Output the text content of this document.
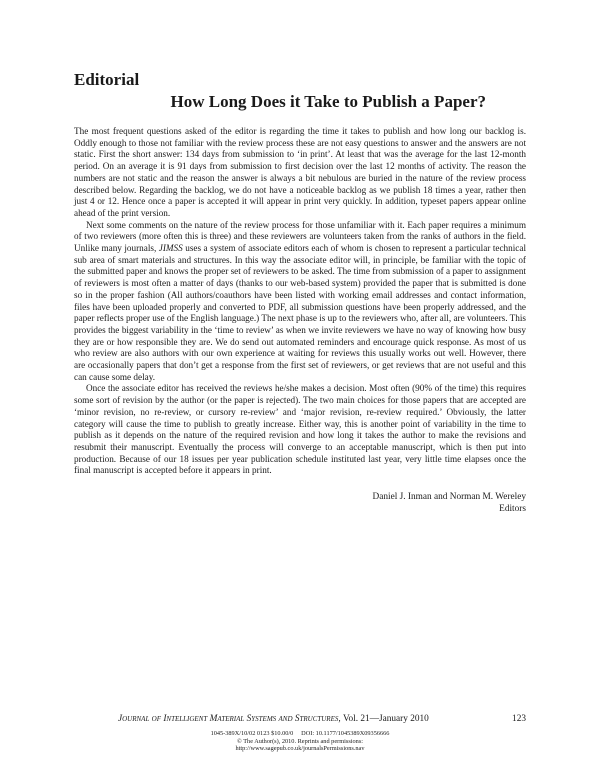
Editorial
How Long Does it Take to Publish a Paper?

The most frequent questions asked of the editor is regarding the time it takes to publish and how long our backlog is. Oddly enough to those not familiar with the review process these are not easy questions to answer and the answers are not static. First the short answer: 134 days from submission to ‘in print’. At least that was the average for the last 12-month period. On an average it is 91 days from submission to first decision over the last 12 months of activity. The reason the numbers are not static and the reason the answer is always a bit nebulous are buried in the nature of the review process described below. Regarding the backlog, we do not have a noticeable backlog as we publish 18 times a year, rather then just 4 or 12. Hence once a paper is accepted it will appear in print very quickly. In addition, typeset papers appear online ahead of the print version.

Next some comments on the nature of the review process for those unfamiliar with it. Each paper requires a minimum of two reviewers (more often this is three) and these reviewers are volunteers taken from the ranks of authors in the field. Unlike many journals, JIMSS uses a system of associate editors each of whom is chosen to represent a particular technical sub area of smart materials and structures. In this way the associate editor will, in principle, be familiar with the topic of the submitted paper and knows the proper set of reviewers to be asked. The time from submission of a paper to assignment of reviewers is most often a matter of days (thanks to our web-based system) provided the paper that is submitted is done so in the proper fashion (All authors/coauthors have been listed with working email addresses and contact information, files have been uploaded properly and converted to PDF, all submission questions have been properly addressed, and the paper reflects proper use of the English language.) The next phase is up to the reviewers who, after all, are volunteers. This provides the biggest variability in the ‘time to review’ as when we invite reviewers we have no way of knowing how busy they are or how responsible they are. We do send out automated reminders and encourage quick response. As most of us who review are also authors with our own experience at waiting for reviews this usually works out well. However, there are occasionally papers that don’t get a response from the first set of reviewers, or get reviews that are not useful and this can cause some delay.

Once the associate editor has received the reviews he/she makes a decision. Most often (90% of the time) this requires some sort of revision by the author (or the paper is rejected). The two main choices for those papers that are accepted are ‘minor revision, no re-review, or cursory re-review’ and ‘major revision, re-review required.’ Obviously, the latter category will cause the time to publish to greatly increase. Either way, this is another point of variability in the time to publish as it depends on the nature of the required revision and how long it takes the author to make the revisions and resubmit their manuscript. Eventually the process will converge to an acceptable manuscript, which is then put into production. Because of our 18 issues per year publication schedule instituted last year, very little time elapses once the final manuscript is accepted before it appears in print.

Daniel J. Inman and Norman M. Wereley
Editors
Journal of Intelligent Material Systems and Structures, Vol. 21—January 2010	123
1045-389X/10/02 0123 $10.00/0     DOI: 10.1177/1045389X09356666
© The Author(s), 2010. Reprints and permissions:
http://www.sagepub.co.uk/journalsPermissions.nav
